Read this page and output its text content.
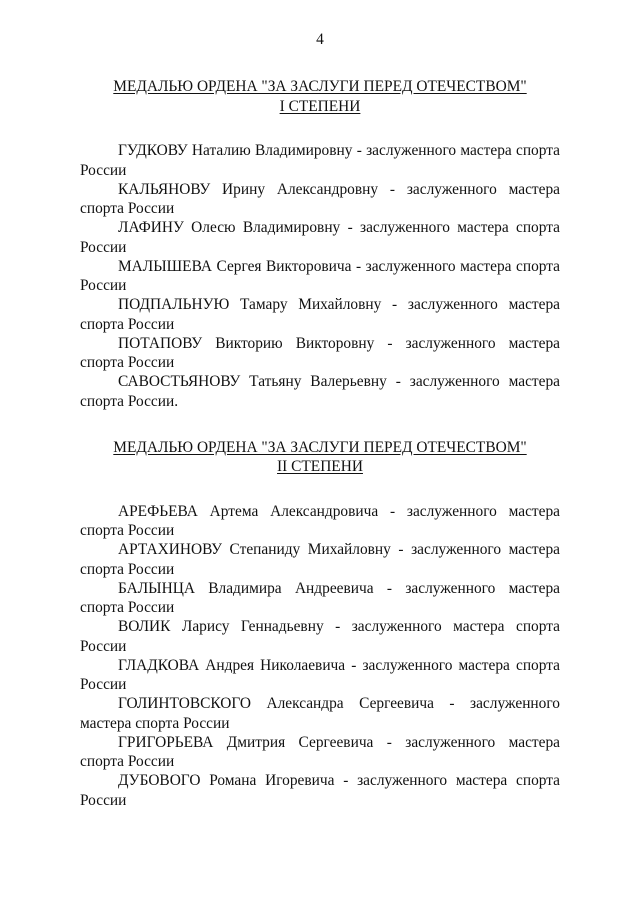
4
МЕДАЛЬЮ ОРДЕНА "ЗА ЗАСЛУГИ ПЕРЕД ОТЕЧЕСТВОМ"
I СТЕПЕНИ

ГУДКОВУ Наталию Владимировну - заслуженного мастера спорта России

КАЛЬЯНОВУ Ирину Александровну - заслуженного мастера спорта России

ЛАФИНУ Олесю Владимировну - заслуженного мастера спорта России

МАЛЫШЕВА Сергея Викторовича - заслуженного мастера спорта России

ПОДПАЛЬНУЮ Тамару Михайловну - заслуженного мастера спорта России

ПОТАПОВУ Викторию Викторовну - заслуженного мастера спорта России

САВОСТЬЯНОВУ Татьяну Валерьевну - заслуженного мастера спорта России.

МЕДАЛЬЮ ОРДЕНА "ЗА ЗАСЛУГИ ПЕРЕД ОТЕЧЕСТВОМ"
II СТЕПЕНИ

АРЕФЬЕВА Артема Александровича - заслуженного мастера спорта России

АРТАХИНОВУ Степаниду Михайловну - заслуженного мастера спорта России

БАЛЫНЦА Владимира Андреевича - заслуженного мастера спорта России

ВОЛИК Ларису Геннадьевну - заслуженного мастера спорта России

ГЛАДКОВА Андрея Николаевича - заслуженного мастера спорта России

ГОЛИНТОВСКОГО Александра Сергеевича - заслуженного мастера спорта России

ГРИГОРЬЕВА Дмитрия Сергеевича - заслуженного мастера спорта России

ДУБОВОГО Романа Игоревича - заслуженного мастера спорта России
